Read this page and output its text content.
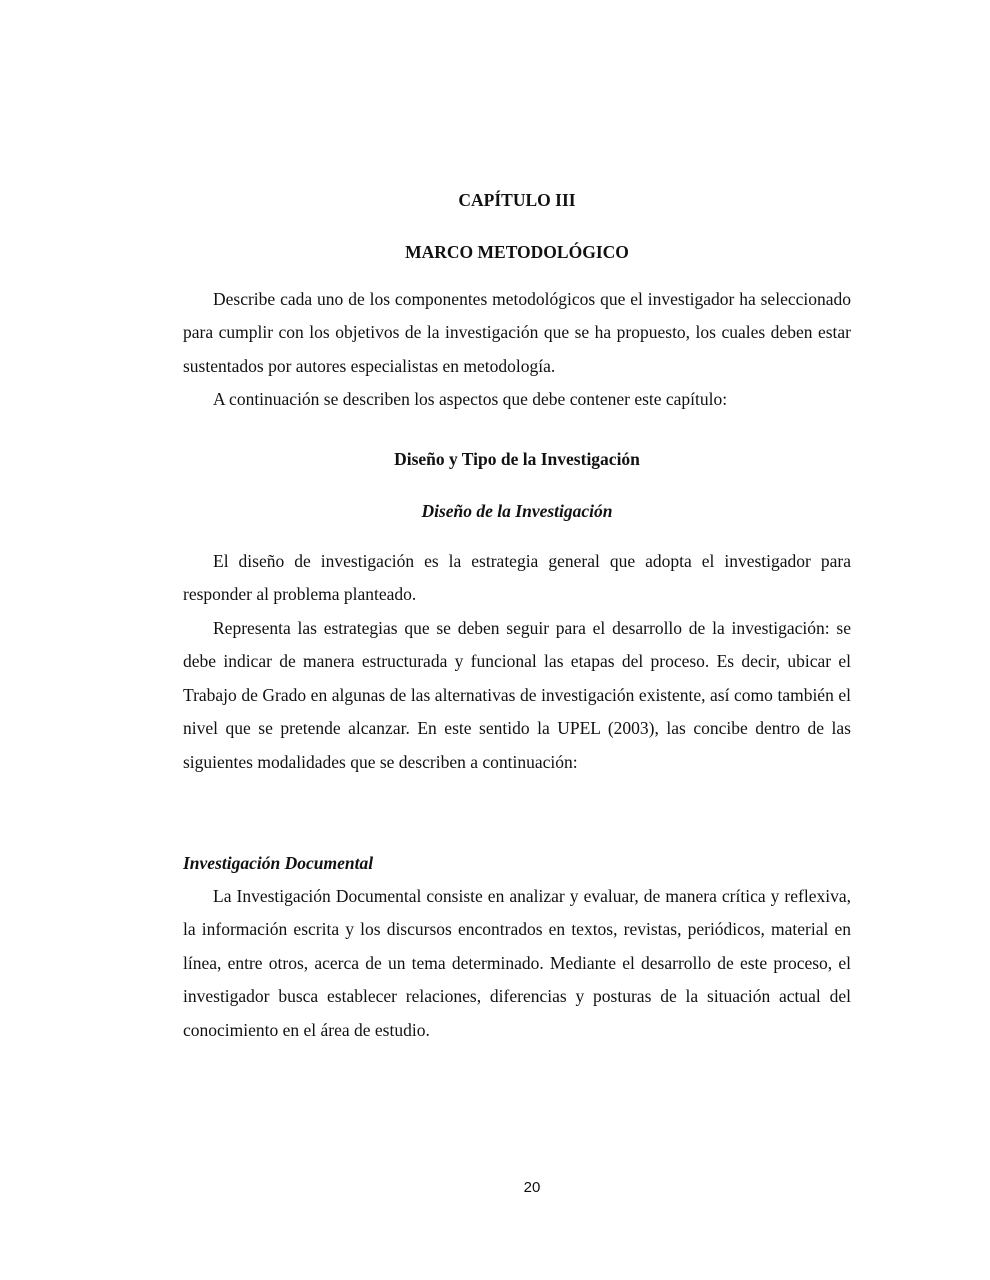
CAPÍTULO III
MARCO METODOLÓGICO

Describe cada uno de los componentes metodológicos que el investigador ha seleccionado para cumplir con los objetivos de la investigación que se ha propuesto, los cuales deben estar sustentados por autores especialistas en metodología.

A continuación se describen los aspectos que debe contener este capítulo:

Diseño y Tipo de la Investigación
Diseño de la Investigación

El diseño de investigación es la estrategia general que adopta el investigador para responder al problema planteado.

Representa las estrategias que se deben seguir para el desarrollo de la investigación: se debe indicar de manera estructurada y funcional las etapas del proceso. Es decir, ubicar el Trabajo de Grado en algunas de las alternativas de investigación existente, así como también el nivel que se pretende alcanzar. En este sentido la UPEL (2003), las concibe dentro de las siguientes modalidades que se describen a continuación:

Investigación Documental

La Investigación Documental consiste en analizar y evaluar, de manera crítica y reflexiva, la información escrita y los discursos encontrados en textos, revistas, periódicos, material en línea, entre otros, acerca de un tema determinado. Mediante el desarrollo de este proceso, el investigador busca establecer relaciones, diferencias y posturas de la situación actual del conocimiento en el área de estudio.

20
